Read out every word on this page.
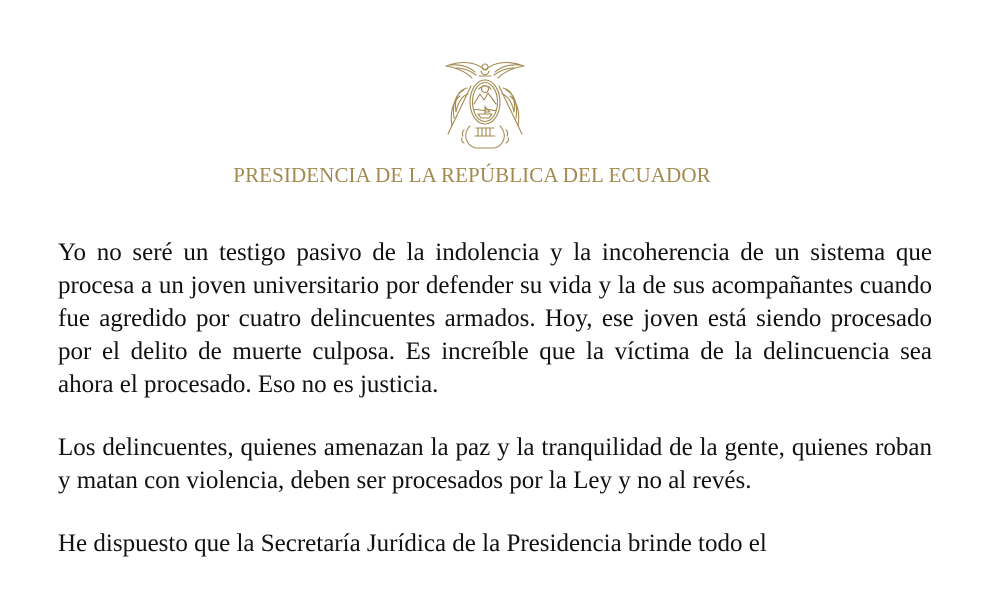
PRESIDENCIA DE LA REPÚBLICA DEL ECUADOR

Yo no seré un testigo pasivo de la indolencia y la incoherencia de un sistema que procesa a un joven universitario por defender su vida y la de sus acompañantes cuando fue agredido por cuatro delincuentes armados. Hoy, ese joven está siendo procesado por el delito de muerte culposa. Es increíble que la víctima de la delincuencia sea ahora el procesado. Eso no es justicia.

Los delincuentes, quienes amenazan la paz y la tranquilidad de la gente, quienes roban y matan con violencia, deben ser procesados por la Ley y no al revés.

He dispuesto que la Secretaría Jurídica de la Presidencia brinde todo el
